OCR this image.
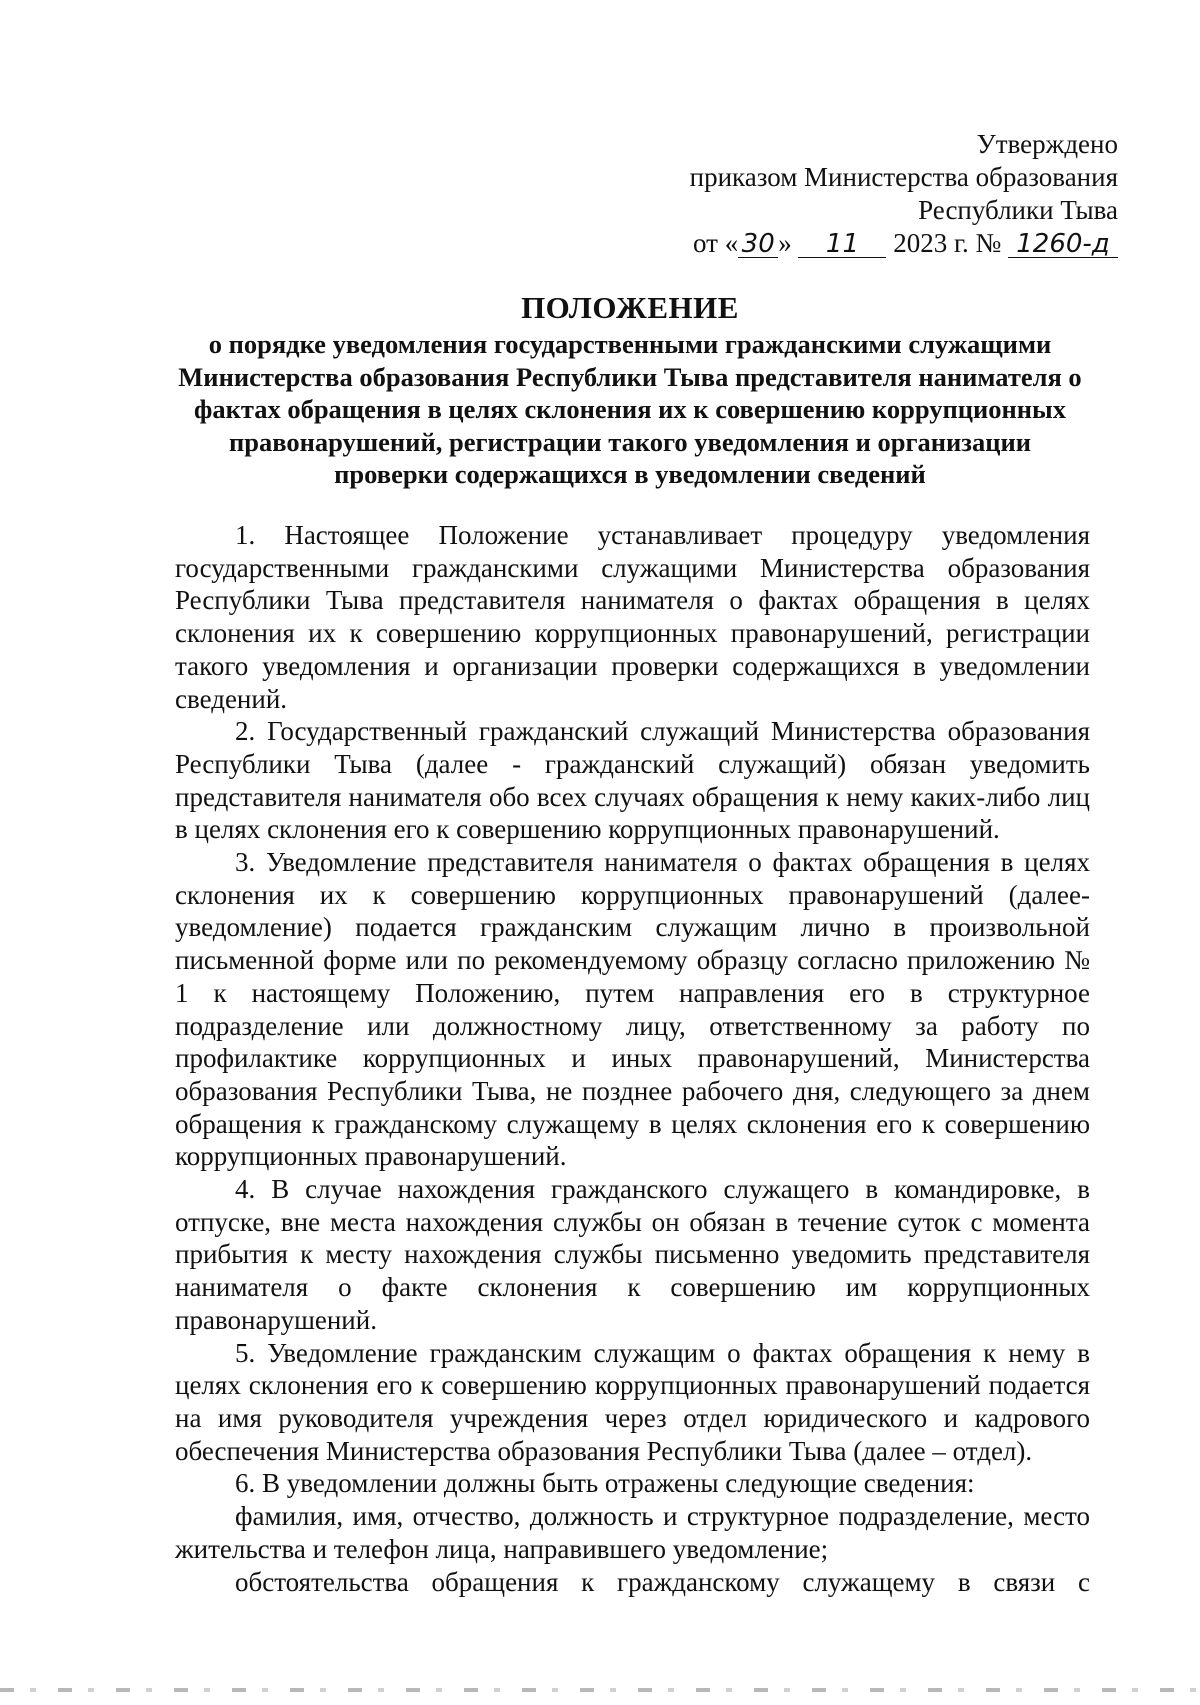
Утверждено
приказом Министерства образования
Республики Тыва
от « 30 » 11 2023 г. № 1260-д
ПОЛОЖЕНИЕ
о порядке уведомления государственными гражданскими служащими Министерства образования Республики Тыва представителя нанимателя о фактах обращения в целях склонения их к совершению коррупционных правонарушений, регистрации такого уведомления и организации проверки содержащихся в уведомлении сведений

1. Настоящее Положение устанавливает процедуру уведомления государственными гражданскими служащими Министерства образования Республики Тыва представителя нанимателя о фактах обращения в целях склонения их к совершению коррупционных правонарушений, регистрации такого уведомления и организации проверки содержащихся в уведомлении сведений.

2. Государственный гражданский служащий Министерства образования Республики Тыва (далее - гражданский служащий) обязан уведомить представителя нанимателя обо всех случаях обращения к нему каких-либо лиц в целях склонения его к совершению коррупционных правонарушений.

3. Уведомление представителя нанимателя о фактах обращения в целях склонения их к совершению коррупционных правонарушений (далее-уведомление) подается гражданским служащим лично в произвольной письменной форме или по рекомендуемому образцу согласно приложению № 1 к настоящему Положению, путем направления его в структурное подразделение или должностному лицу, ответственному за работу по профилактике коррупционных и иных правонарушений, Министерства образования Республики Тыва, не позднее рабочего дня, следующего за днем обращения к гражданскому служащему в целях склонения его к совершению коррупционных правонарушений.

4. В случае нахождения гражданского служащего в командировке, в отпуске, вне места нахождения службы он обязан в течение суток с момента прибытия к месту нахождения службы письменно уведомить представителя нанимателя о факте склонения к совершению им коррупционных правонарушений.

5. Уведомление гражданским служащим о фактах обращения к нему в целях склонения его к совершению коррупционных правонарушений подается на имя руководителя учреждения через отдел юридического и кадрового обеспечения Министерства образования Республики Тыва (далее – отдел).

6. В уведомлении должны быть отражены следующие сведения:

фамилия, имя, отчество, должность и структурное подразделение, место жительства и телефон лица, направившего уведомление;

обстоятельства обращения к гражданскому служащему в связи с
